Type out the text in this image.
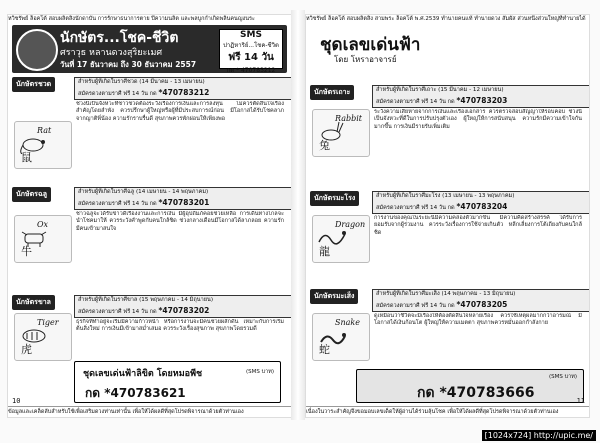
หวิชรัพย์ ล็อคโต้ สอบผลิตสิ่งนักดาบัน การรักษาธนาการตาย ปีความนลิต และพลบูกกำเกิดพลินคนญงนระ
นักษัตร...โชค-ชีวิต
ศราวุธ หลานดวงสุริยะเมศ
วันที่ 17 ธันวาคม ถึง 30 ธันวาคม 2557
SMS
ปาฏิหาริย์...โชค-ชีวิต
ฟรี 14 วัน
กด * 470783212
นักษัตรชวด	สำหรับผู้ที่เกิดในราศีชวด (14 มีนาคม - 13 เมษายน)
สมัครดวงตามราศี ฟรี 14 วัน กด *470783212
Rat
鼠
ช่วงนี้เป็นจังหวะที่ชาวชวดต้องระวังเรื่องการเงินและการลงทุน ไม่ควรตัดสินใจเรื่องสำคัญโดยลำพัง ควรปรึกษาผู้ใหญ่หรือผู้ที่มีประสบการณ์ก่อน มีโอกาสได้รับโชคลาภจากญาติพี่น้อง ความรักราบรื่นดี สุขภาพควรพักผ่อนให้เพียงพอ
นักษัตรฉลู	สำหรับผู้ที่เกิดในราศีฉลู (14 เมษายน - 14 พฤษภาคม)
สมัครดวงตามราศี ฟรี 14 วัน กด *470783201
Ox
牛
ชาวฉลูจะได้รับข่าวดีเรื่องงานและการเงิน มีผู้อุปถัมภ์คอยช่วยเหลือ การเดินทางไกลจะนำโชคมาให้ ควรระวังคำพูดกับคนใกล้ชิด ช่วงกลางเดือนมีโอกาสได้ลาภลอย ความรักมีคนเข้ามาสนใจ
นักษัตรขาล	สำหรับผู้ที่เกิดในราศีขาล (15 พฤษภาคม - 14 มิถุนายน)
สมัครดวงตามราศี ฟรี 14 วัน กด *470783202
Tiger
虎
ธุรกิจที่ทำอยู่จะเริ่มมีความก้าวหน้า หรือการงานจะมีคนช่วยผลักดัน เหมาะกับการเริ่มต้นสิ่งใหม่ การเงินมีเข้ามาสม่ำเสมอ ควรระวังเรื่องสุขภาพ สุขภาพโดยรวมดี
ชุดเลขเด่นฟ้าลิขิต โดยหมอพีช	(SMS บาท)
กด *470783621
10
ข้อมูลและเคล็ดลับสำหรับใช้เพื่อเสริมดวงท่านเท่านั้น เพื่อให้ได้ผลดีที่สุดโปรดพิจารณาด้วยตัวท่านเอง
หวิชรัพย์ ล็อคโต้ สอบผลิตสิ่ง สามพระ ล็อคโต้ พ.ศ.2539 ทำนายคนแท้ ทำนายดวง สัมผัส ส่วนหนึ่งส่วนใหญ่ที่ทำนายได้
ชุดเลขเด่นฟ้า
โดย โหราอาจารย์
นักษัตรเถาะ	สำหรับผู้ที่เกิดในราศีเถาะ (15 มีนาคม - 12 เมษายน)
สมัครดวงตามราศี ฟรี 14 วัน กด *470783203
Rabbit
兔
ระวังความเสียหายจากการเงินและเรื่องเอกสาร ควรตรวจสอบสัญญาให้รอบคอบ ช่วงนี้เป็นจังหวะที่ดีในการปรับปรุงตัวเอง ผู้ใหญ่ให้การสนับสนุน ความรักมีความเข้าใจกันมากขึ้น การเงินมีรายรับเพิ่มเติม
นักษัตรมะโรง	สำหรับผู้ที่เกิดในราศีมะโรง (13 เมษายน - 13 พฤษภาคม)
สมัครดวงตามราศี ฟรี 14 วัน กด *470783204
Dragon
龍
การงานของคุณในระยะนี้มีความคล่องตัวมากขึ้น มีความคิดสร้างสรรค์ ได้รับการยอมรับจากผู้ร่วมงาน ควรระวังเรื่องการใช้จ่ายเกินตัว หลีกเลี่ยงการโต้เถียงกับคนใกล้ชิด
นักษัตรมะเส็ง	สำหรับผู้ที่เกิดในราศีมะเส็ง (14 พฤษภาคม - 13 มิถุนายน)
สมัครดวงตามราศี ฟรี 14 วัน กด *470783205
Snake
蛇
ดูเหมือนว่าชีวิตจะมีเรื่องให้ต้องตัดสินใจหลายเรื่อง ควรใช้เหตุผลมากกว่าอารมณ์ มีโอกาสได้เงินก้อนโต ผู้ใหญ่ให้ความเมตตา สุขภาพควรหมั่นออกกำลังกาย
(SMS บาท)
กด *470783666	11
เนื่องในวาระสำคัญจึงขอมอบเลขเด็ดให้ผู้อ่านได้ร่วมลุ้นโชค เพื่อให้ได้ผลดีที่สุดโปรดพิจารณาด้วยตัวท่านเอง
[1024x724] http://upic.me/
